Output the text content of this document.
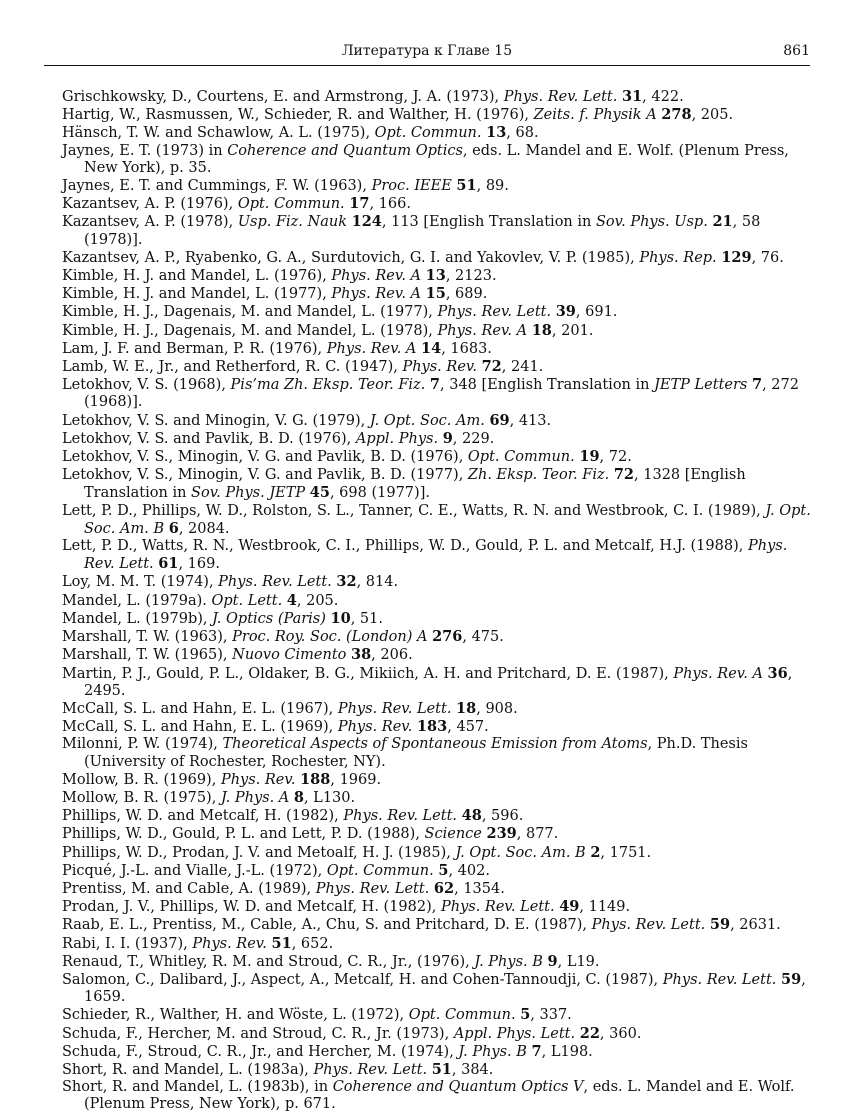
Литература к Главе 15	861
Grischkowsky, D., Courtens, E. and Armstrong, J. A. (1973), Phys. Rev. Lett. 31, 422.
Hartig, W., Rasmussen, W., Schieder, R. and Walther, H. (1976), Zeits. f. Physik A 278, 205.
Hänsch, T. W. and Schawlow, A. L. (1975), Opt. Commun. 13, 68.
Jaynes, E. T. (1973) in Coherence and Quantum Optics, eds. L. Mandel and E. Wolf. (Plenum Press, New York), p. 35.
Jaynes, E. T. and Cummings, F. W. (1963), Proc. IEEE 51, 89.
Kazantsev, A. P. (1976), Opt. Commun. 17, 166.
Kazantsev, A. P. (1978), Usp. Fiz. Nauk 124, 113 [English Translation in Sov. Phys. Usp. 21, 58 (1978)].
Kazantsev, A. P., Ryabenko, G. A., Surdutovich, G. I. and Yakovlev, V. P. (1985), Phys. Rep. 129, 76.
Kimble, H. J. and Mandel, L. (1976), Phys. Rev. A 13, 2123.
Kimble, H. J. and Mandel, L. (1977), Phys. Rev. A 15, 689.
Kimble, H. J., Dagenais, M. and Mandel, L. (1977), Phys. Rev. Lett. 39, 691.
Kimble, H. J., Dagenais, M. and Mandel, L. (1978), Phys. Rev. A 18, 201.
Lam, J. F. and Berman, P. R. (1976), Phys. Rev. A 14, 1683.
Lamb, W. E., Jr., and Retherford, R. C. (1947), Phys. Rev. 72, 241.
Letokhov, V. S. (1968), Pis’ma Zh. Eksp. Teor. Fiz. 7, 348 [English Translation in JETP Letters 7, 272 (1968)].
Letokhov, V. S. and Minogin, V. G. (1979), J. Opt. Soc. Am. 69, 413.
Letokhov, V. S. and Pavlik, B. D. (1976), Appl. Phys. 9, 229.
Letokhov, V. S., Minogin, V. G. and Pavlik, B. D. (1976), Opt. Commun. 19, 72.
Letokhov, V. S., Minogin, V. G. and Pavlik, B. D. (1977), Zh. Eksp. Teor. Fiz. 72, 1328 [English Translation in Sov. Phys. JETP 45, 698 (1977)].
Lett, P. D., Phillips, W. D., Rolston, S. L., Tanner, C. E., Watts, R. N. and Westbrook, C. I. (1989), J. Opt. Soc. Am. B 6, 2084.
Lett, P. D., Watts, R. N., Westbrook, C. I., Phillips, W. D., Gould, P. L. and Metcalf, H.J. (1988), Phys. Rev. Lett. 61, 169.
Loy, M. M. T. (1974), Phys. Rev. Lett. 32, 814.
Mandel, L. (1979a). Opt. Lett. 4, 205.
Mandel, L. (1979b), J. Optics (Paris) 10, 51.
Marshall, T. W. (1963), Proc. Roy. Soc. (London) A 276, 475.
Marshall, T. W. (1965), Nuovo Cimento 38, 206.
Martin, P. J., Gould, P. L., Oldaker, B. G., Mikiich, A. H. and Pritchard, D. E. (1987), Phys. Rev. A 36, 2495.
McCall, S. L. and Hahn, E. L. (1967), Phys. Rev. Lett. 18, 908.
McCall, S. L. and Hahn, E. L. (1969), Phys. Rev. 183, 457.
Milonni, P. W. (1974), Theoretical Aspects of Spontaneous Emission from Atoms, Ph.D. Thesis (University of Rochester, Rochester, NY).
Mollow, B. R. (1969), Phys. Rev. 188, 1969.
Mollow, B. R. (1975), J. Phys. A 8, L130.
Phillips, W. D. and Metcalf, H. (1982), Phys. Rev. Lett. 48, 596.
Phillips, W. D., Gould, P. L. and Lett, P. D. (1988), Science 239, 877.
Phillips, W. D., Prodan, J. V. and Metoalf, H. J. (1985), J. Opt. Soc. Am. B 2, 1751.
Picqué, J.-L. and Vialle, J.-L. (1972), Opt. Commun. 5, 402.
Prentiss, M. and Cable, A. (1989), Phys. Rev. Lett. 62, 1354.
Prodan, J. V., Phillips, W. D. and Metcalf, H. (1982), Phys. Rev. Lett. 49, 1149.
Raab, E. L., Prentiss, M., Cable, A., Chu, S. and Pritchard, D. E. (1987), Phys. Rev. Lett. 59, 2631.
Rabi, I. I. (1937), Phys. Rev. 51, 652.
Renaud, T., Whitley, R. M. and Stroud, C. R., Jr., (1976), J. Phys. B 9, L19.
Salomon, C., Dalibard, J., Aspect, A., Metcalf, H. and Cohen-Tannoudji, C. (1987), Phys. Rev. Lett. 59, 1659.
Schieder, R., Walther, H. and Wöste, L. (1972), Opt. Commun. 5, 337.
Schuda, F., Hercher, M. and Stroud, C. R., Jr. (1973), Appl. Phys. Lett. 22, 360.
Schuda, F., Stroud, C. R., Jr., and Hercher, M. (1974), J. Phys. B 7, L198.
Short, R. and Mandel, L. (1983a), Phys. Rev. Lett. 51, 384.
Short, R. and Mandel, L. (1983b), in Coherence and Quantum Optics V, eds. L. Mandel and E. Wolf. (Plenum Press, New York), p. 671.
